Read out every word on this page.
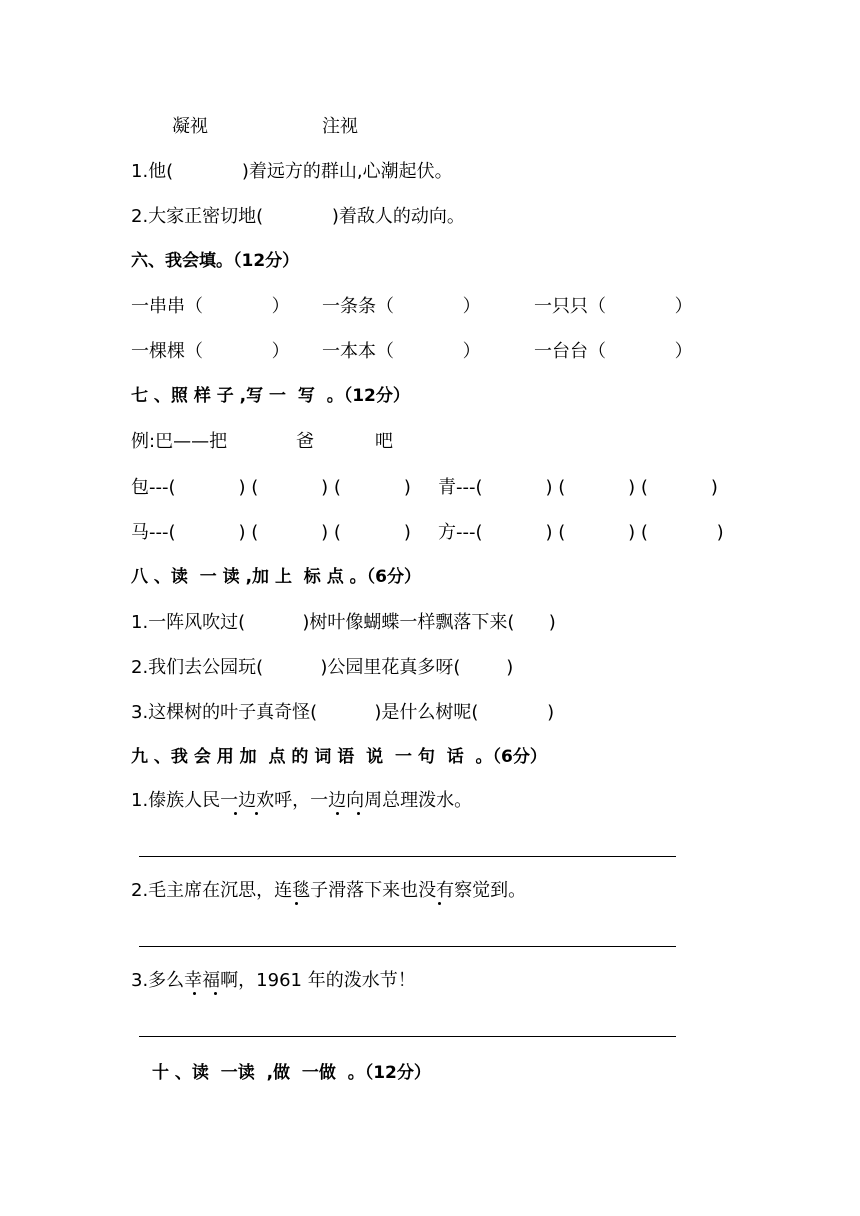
凝视	注视
1.他(            )着远方的群山,心潮起伏。
2.大家正密切地(            )着敌人的动向。
六、我会填。（12分）
一串串（            ） 一条条（            ）	一只只（            ）
一棵棵（            ） 一本本（            ）	一台台（            ）
七 、照 样 子 ,写 一  写  。（12分）
例:巴——把	爸	吧
包---(           ) (           ) (           ) 青---(           ) (           ) (           )
马---(           ) (           ) (           ) 方---(           ) (           ) (            )
八 、读  一 读 ,加 上  标 点 。（6分）
1.一阵风吹过(          )树叶像蝴蝶一样飘落下来(      )
2.我们去公园玩(          )公园里花真多呀(        )
3.这棵树的叶子真奇怪(          )是什么树呢(            )
九 、我 会 用 加  点 的 词 语  说  一 句  话  。（6分）
1.傣族人民一边欢呼，一边向周总理泼水。
2.毛主席在沉思，连毯子滑落下来也没有察觉到。
3.多么幸福啊，1961 年的泼水节！
十 、读  一读  ,做  一做  。（12分）
